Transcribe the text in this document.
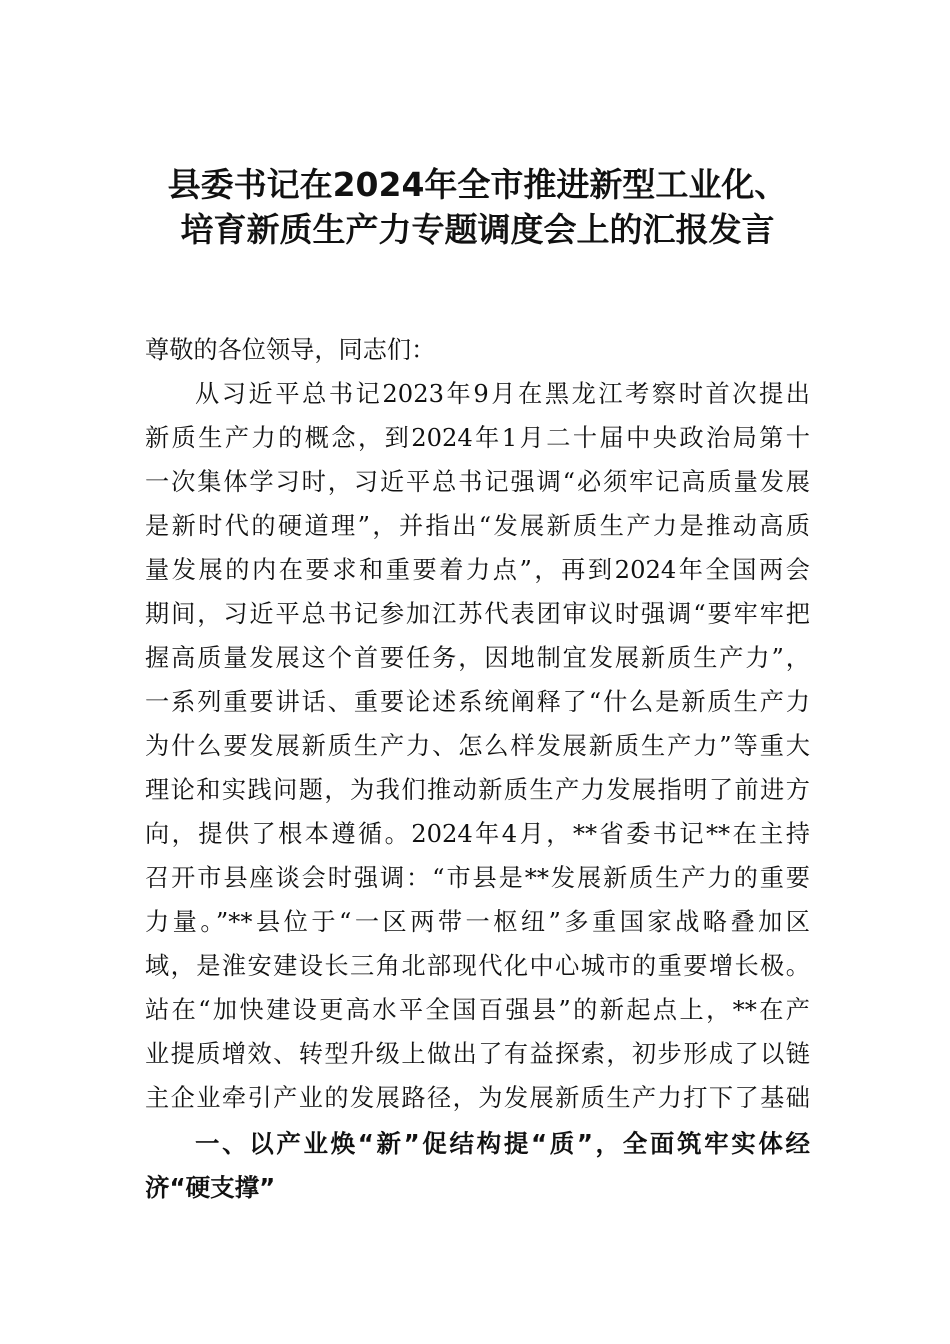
县委书记在2024年全市推进新型工业化、
培育新质生产力专题调度会上的汇报发言
尊敬的各位领导，同志们：
从习近平总书记2023年9月在黑龙江考察时首次提出
新质生产力的概念，到2024年1月二十届中央政治局第十
一次集体学习时，习近平总书记强调“必须牢记高质量发展
是新时代的硬道理”，并指出“发展新质生产力是推动高质
量发展的内在要求和重要着力点”，再到2024年全国两会
期间，习近平总书记参加江苏代表团审议时强调“要牢牢把
握高质量发展这个首要任务，因地制宜发展新质生产力”，
一系列重要讲话、重要论述系统阐释了“什么是新质生产力
为什么要发展新质生产力、怎么样发展新质生产力”等重大
理论和实践问题，为我们推动新质生产力发展指明了前进方
向，提供了根本遵循。2024年4月，**省委书记**在主持
召开市县座谈会时强调：“市县是**发展新质生产力的重要
力量。”**县位于“一区两带一枢纽”多重国家战略叠加区
域，是淮安建设长三角北部现代化中心城市的重要增长极。
站在“加快建设更高水平全国百强县”的新起点上，**在产
业提质增效、转型升级上做出了有益探索，初步形成了以链
主企业牵引产业的发展路径，为发展新质生产力打下了基础
一、以产业焕“新”促结构提“质”，全面筑牢实体经
济“硬支撑”
